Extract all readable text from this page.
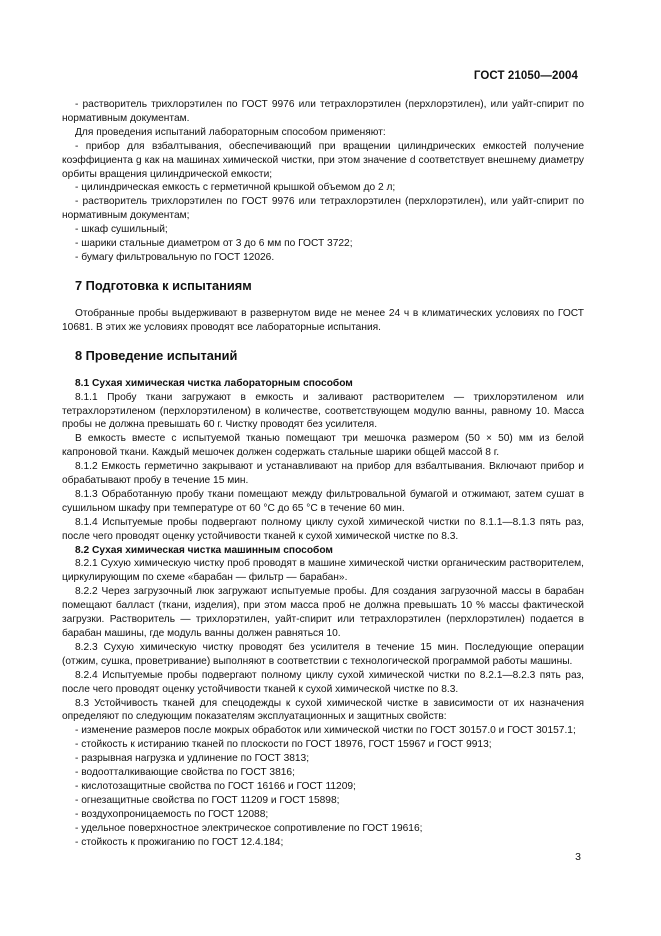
ГОСТ 21050—2004

- растворитель трихлорэтилен по ГОСТ 9976 или тетрахлорэтилен (перхлорэтилен), или уайт-спирит по нормативным документам.

Для проведения испытаний лабораторным способом применяют:

- прибор для взбалтывания, обеспечивающий при вращении цилиндрических емкостей получение коэффициента g как на машинах химической чистки, при этом значение d соответствует внешнему диаметру орбиты вращения цилиндрической емкости;

- цилиндрическая емкость с герметичной крышкой объемом до 2 л;

- растворитель трихлорэтилен по ГОСТ 9976 или тетрахлорэтилен (перхлорэтилен), или уайт-спирит по нормативным документам;

- шкаф сушильный;

- шарики стальные диаметром от 3 до 6 мм по ГОСТ 3722;

- бумагу фильтровальную по ГОСТ 12026.

7 Подготовка к испытаниям

Отобранные пробы выдерживают в развернутом виде не менее 24 ч в климатических условиях по ГОСТ 10681. В этих же условиях проводят все лабораторные испытания.

8 Проведение испытаний

8.1 Сухая химическая чистка лабораторным способом

8.1.1 Пробу ткани загружают в емкость и заливают растворителем — трихлорэтиленом или тетрахлорэтиленом (перхлорэтиленом) в количестве, соответствующем модулю ванны, равному 10. Масса пробы не должна превышать 60 г. Чистку проводят без усилителя.

В емкость вместе с испытуемой тканью помещают три мешочка размером (50 × 50) мм из белой капроновой ткани. Каждый мешочек должен содержать стальные шарики общей массой 8 г.

8.1.2 Емкость герметично закрывают и устанавливают на прибор для взбалтывания. Включают прибор и обрабатывают пробу в течение 15 мин.

8.1.3 Обработанную пробу ткани помещают между фильтровальной бумагой и отжимают, затем сушат в сушильном шкафу при температуре от 60 °С до 65 °С в течение 60 мин.

8.1.4 Испытуемые пробы подвергают полному циклу сухой химической чистки по 8.1.1—8.1.3 пять раз, после чего проводят оценку устойчивости тканей к сухой химической чистке по 8.3.

8.2 Сухая химическая чистка машинным способом

8.2.1 Сухую химическую чистку проб проводят в машине химической чистки органическим растворителем, циркулирующим по схеме «барабан — фильтр — барабан».

8.2.2 Через загрузочный люк загружают испытуемые пробы. Для создания загрузочной массы в барабан помещают балласт (ткани, изделия), при этом масса проб не должна превышать 10 % массы фактической загрузки. Растворитель — трихлорэтилен, уайт-спирит или тетрахлорэтилен (перхлорэтилен) подается в барабан машины, где модуль ванны должен равняться 10.

8.2.3 Сухую химическую чистку проводят без усилителя в течение 15 мин. Последующие операции (отжим, сушка, проветривание) выполняют в соответствии с технологической программой работы машины.

8.2.4 Испытуемые пробы подвергают полному циклу сухой химической чистки по 8.2.1—8.2.3 пять раз, после чего проводят оценку устойчивости тканей к сухой химической чистке по 8.3.

8.3 Устойчивость тканей для спецодежды к сухой химической чистке в зависимости от их назначения определяют по следующим показателям эксплуатационных и защитных свойств:

- изменение размеров после мокрых обработок или химической чистки по ГОСТ 30157.0 и ГОСТ 30157.1;

- стойкость к истиранию тканей по плоскости по ГОСТ 18976, ГОСТ 15967 и ГОСТ 9913;

- разрывная нагрузка и удлинение по ГОСТ 3813;

- водоотталкивающие свойства по ГОСТ 3816;

- кислотозащитные свойства по ГОСТ 16166 и ГОСТ 11209;

- огнезащитные свойства по ГОСТ 11209 и ГОСТ 15898;

- воздухопроницаемость по ГОСТ 12088;

- удельное поверхностное электрическое сопротивление по ГОСТ 19616;

- стойкость к прожиганию по ГОСТ 12.4.184;

3
